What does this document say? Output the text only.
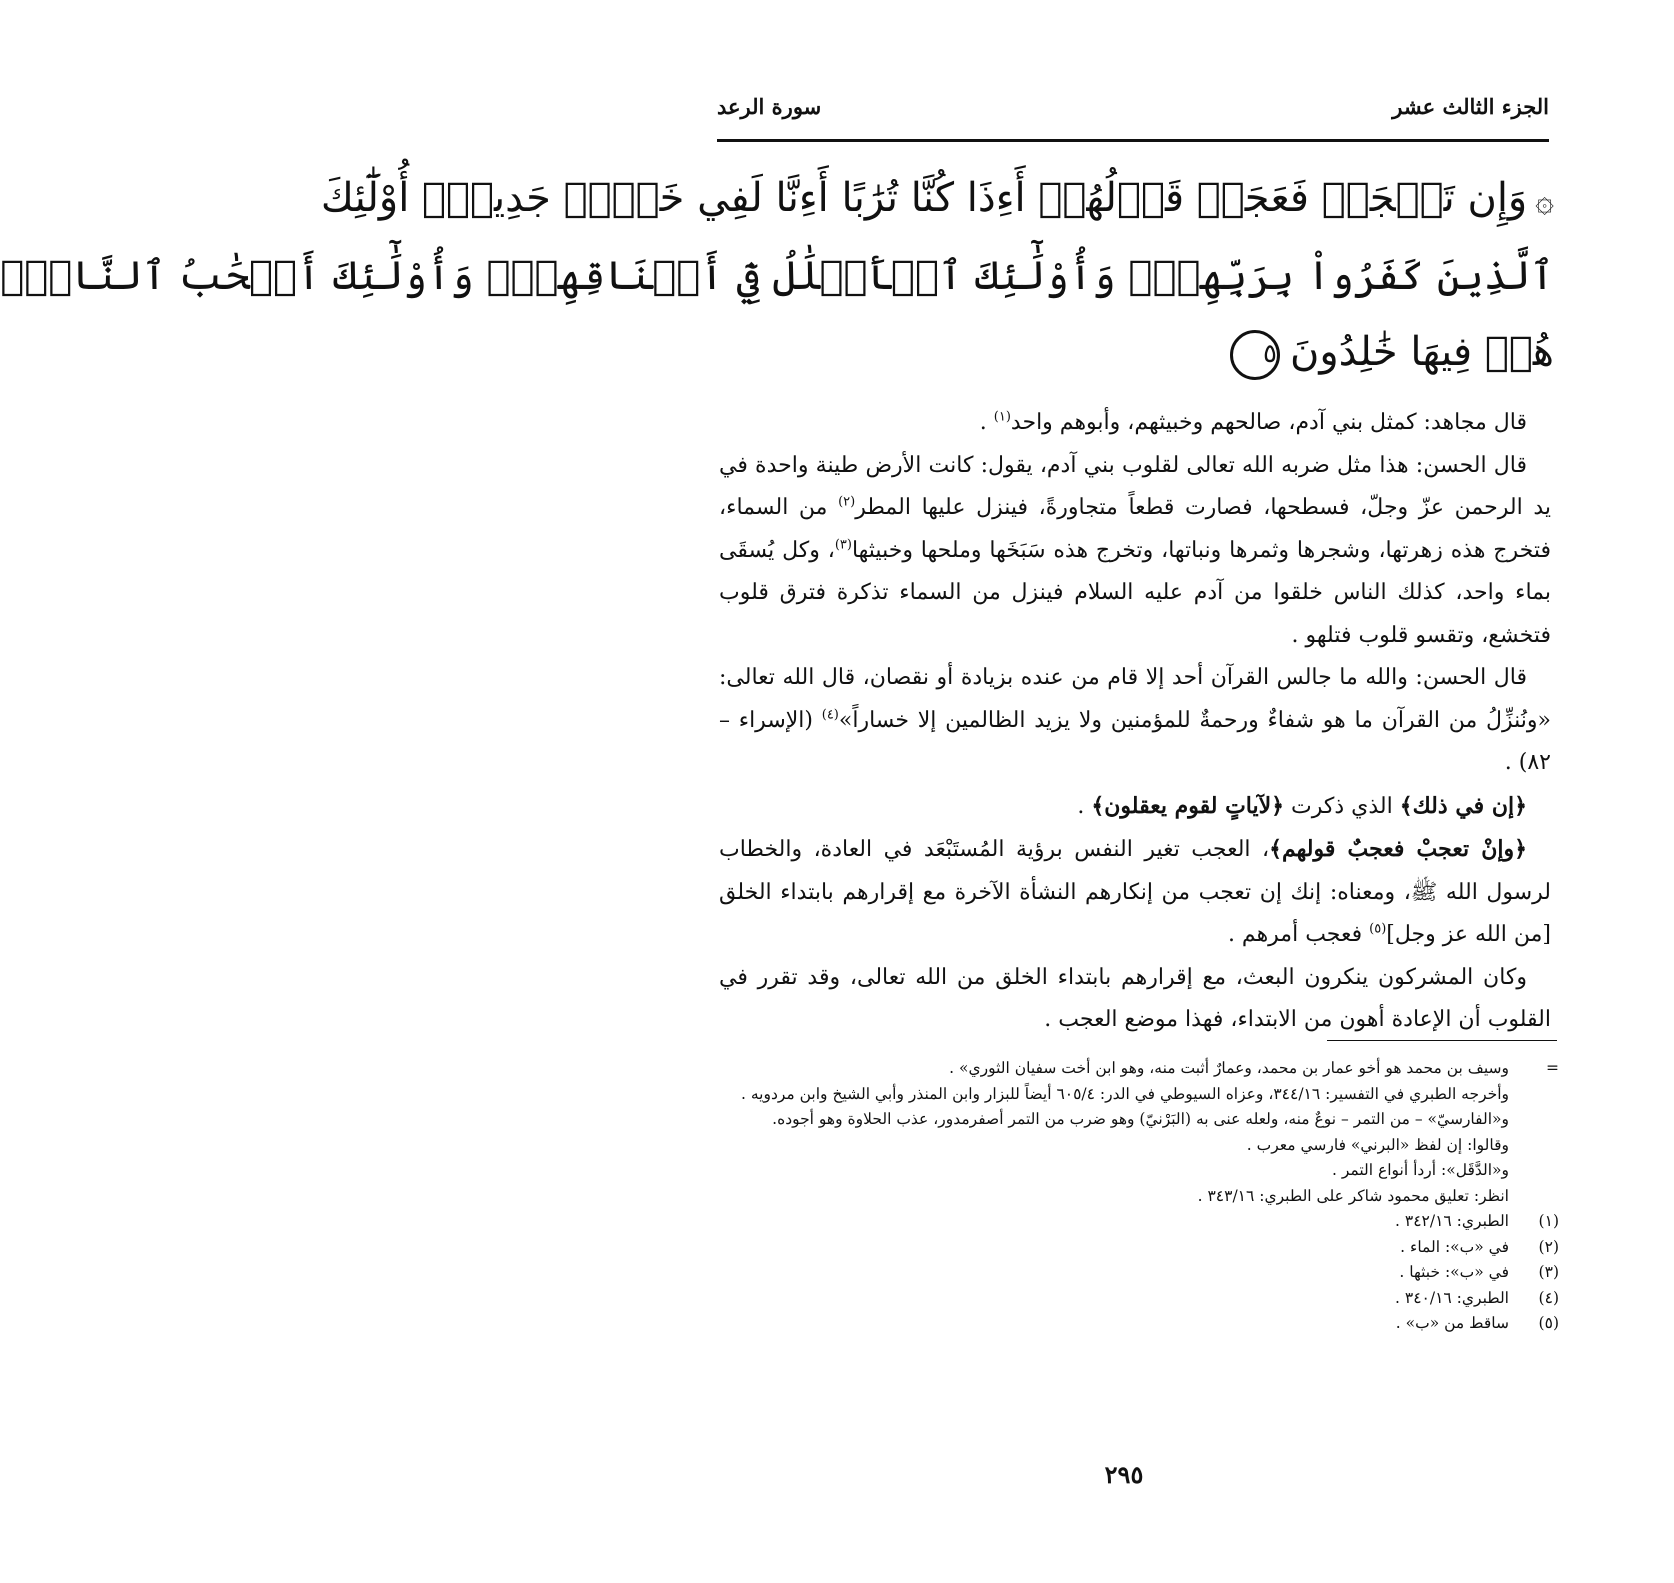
الجزء الثالث عشر
سورة الرعد
۞وَإِن تَعۡجَبۡ فَعَجَبٞ قَوۡلُهُمۡ أَءِذَا كُنَّا تُرَٰبًا أَءِنَّا لَفِي خَلۡقٖ جَدِيدٍۗ أُوْلَٰٓئِكَ
ٱلَّذِينَ كَفَرُواْ بِرَبِّهِمۡۖ وَأُوْلَٰٓئِكَ ٱلۡأَغۡلَٰلُ فِيٓ أَعۡنَاقِهِمۡۖ وَأُوْلَٰٓئِكَ أَصۡحَٰبُ ٱلنَّارِۖ
هُمۡ فِيهَا خَٰلِدُونَ٥

قال مجاهد: كمثل بني آدم، صالحهم وخبيثهم، وأبوهم واحد$^{(١)}$ .

قال الحسن: هذا مثل ضربه الله تعالى لقلوب بني آدم، يقول: كانت الأرض طينة واحدة في يد الرحمن عزّ وجلّ، فسطحها، فصارت قطعاً متجاورةً، فينزل عليها المطر$^{(٢)}$ من السماء، فتخرج هذه زهرتها، وشجرها وثمرها ونباتها، وتخرج هذه سَبَخَها وملحها وخبيثها$^{(٣)}$، وكل يُسقَى بماء واحد، كذلك الناس خلقوا من آدم عليه السلام فينزل من السماء تذكرة فترق قلوب فتخشع، وتقسو قلوب فتلهو .

قال الحسن: والله ما جالس القرآن أحد إلا قام من عنده بزيادة أو نقصان، قال الله تعالى: «ونُنزِّلُ من القرآن ما هو شفاءٌ ورحمةٌ للمؤمنين ولا يزيد الظالمين إلا خساراً»$^{(٤)}$ (الإسراء – ٨٢) .

﴿إن في ذلك﴾ الذي ذكرت ﴿لآياتٍ لقوم يعقلون﴾ .

﴿وإنْ تعجبْ فعجبٌ قولهم﴾، العجب تغير النفس برؤية المُستَبْعَد في العادة، والخطاب لرسول الله ﷺ، ومعناه: إنك إن تعجب من إنكارهم النشأة الآخرة مع إقرارهم بابتداء الخلق [من الله عز وجل]$^{(٥)}$ فعجب أمرهم .

وكان المشركون ينكرون البعث، مع إقرارهم بابتداء الخلق من الله تعالى، وقد تقرر في القلوب أن الإعادة أهون من الابتداء، فهذا موضع العجب .

=
وسيف بن محمد هو أخو عمار بن محمد، وعمارٌ أثبت منه، وهو ابن أخت سفيان الثوري» .
وأخرجه الطبري في التفسير: ٣٤٤/١٦، وعزاه السيوطي في الدر: ٦٠٥/٤ أيضاً للبزار وابن المنذر وأبي الشيخ وابن مردويه .
و«الفارسيّ» – من التمر – نوعٌ منه، ولعله عنى به (البَرْنيّ) وهو ضرب من التمر أصفرمدور، عذب الحلاوة وهو أجوده.
وقالوا: إن لفظ «البرني» فارسي معرب .
و«الدَّقَل»: أردأ أنواع التمر .
انظر: تعليق محمود شاكر على الطبري: ٣٤٣/١٦ .
(١)
الطبري: ٣٤٢/١٦ .
(٢)
في «ب»: الماء .
(٣)
في «ب»: خبثها .
(٤)
الطبري: ٣٤٠/١٦ .
(٥)
ساقط من «ب» .
٢٩٥
